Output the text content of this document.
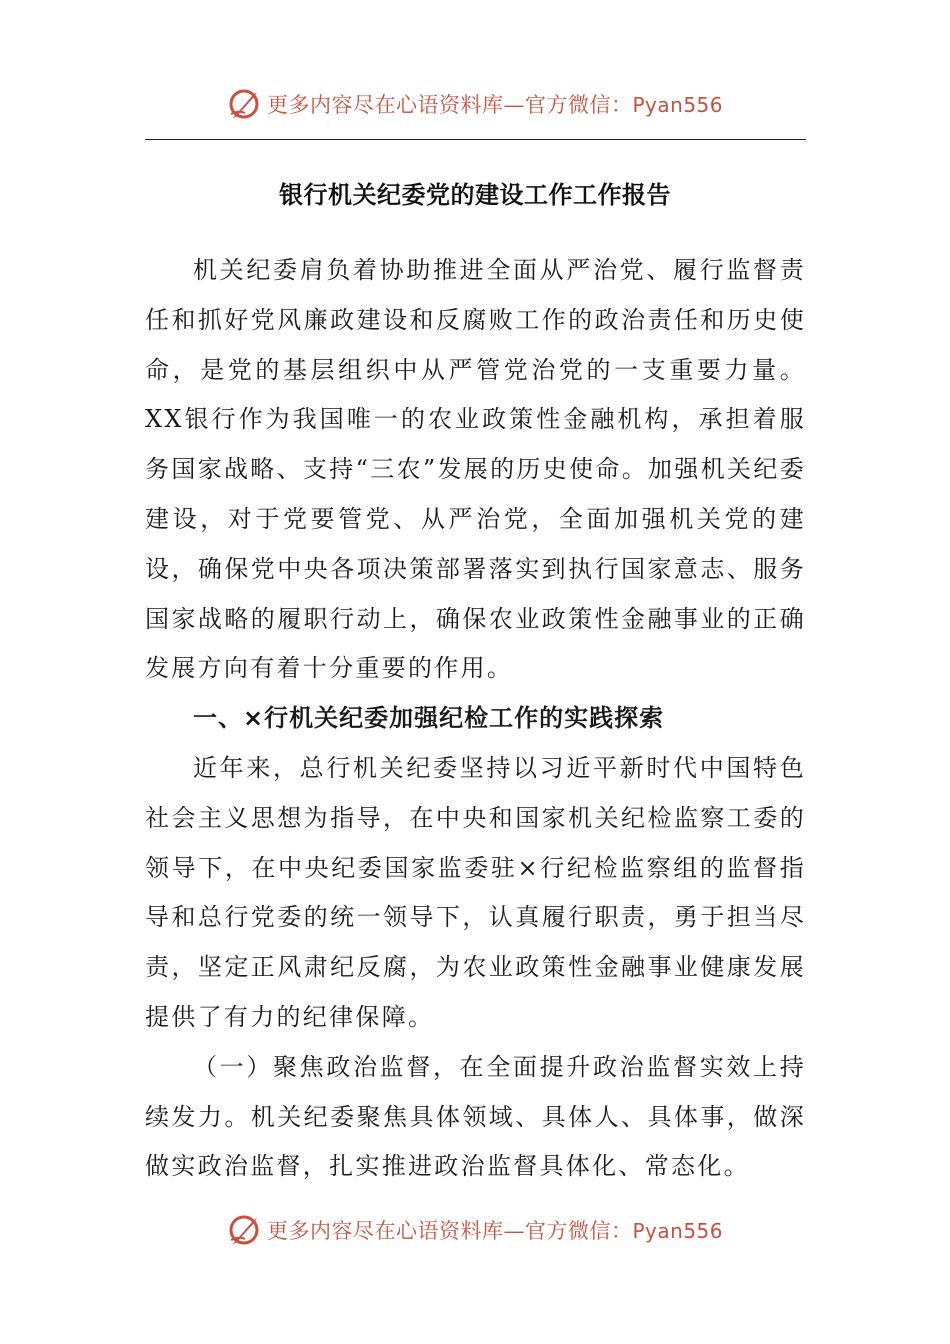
更多内容尽在心语资料库—官方微信：Pyan556
银行机关纪委党的建设工作工作报告

机关纪委肩负着协助推进全面从严治党、履行监督责任和抓好党风廉政建设和反腐败工作的政治责任和历史使命，是党的基层组织中从严管党治党的一支重要力量。XX银行作为我国唯一的农业政策性金融机构，承担着服务国家战略、支持“三农”发展的历史使命。加强机关纪委建设，对于党要管党、从严治党，全面加强机关党的建设，确保党中央各项决策部署落实到执行国家意志、服务国家战略的履职行动上，确保农业政策性金融事业的正确发展方向有着十分重要的作用。

一、×行机关纪委加强纪检工作的实践探索

近年来，总行机关纪委坚持以习近平新时代中国特色社会主义思想为指导，在中央和国家机关纪检监察工委的领导下，在中央纪委国家监委驻×行纪检监察组的监督指导和总行党委的统一领导下，认真履行职责，勇于担当尽责，坚定正风肃纪反腐，为农业政策性金融事业健康发展提供了有力的纪律保障。

（一）聚焦政治监督，在全面提升政治监督实效上持续发力。机关纪委聚焦具体领域、具体人、具体事，做深做实政治监督，扎实推进政治监督具体化、常态化。

更多内容尽在心语资料库—官方微信：Pyan556
